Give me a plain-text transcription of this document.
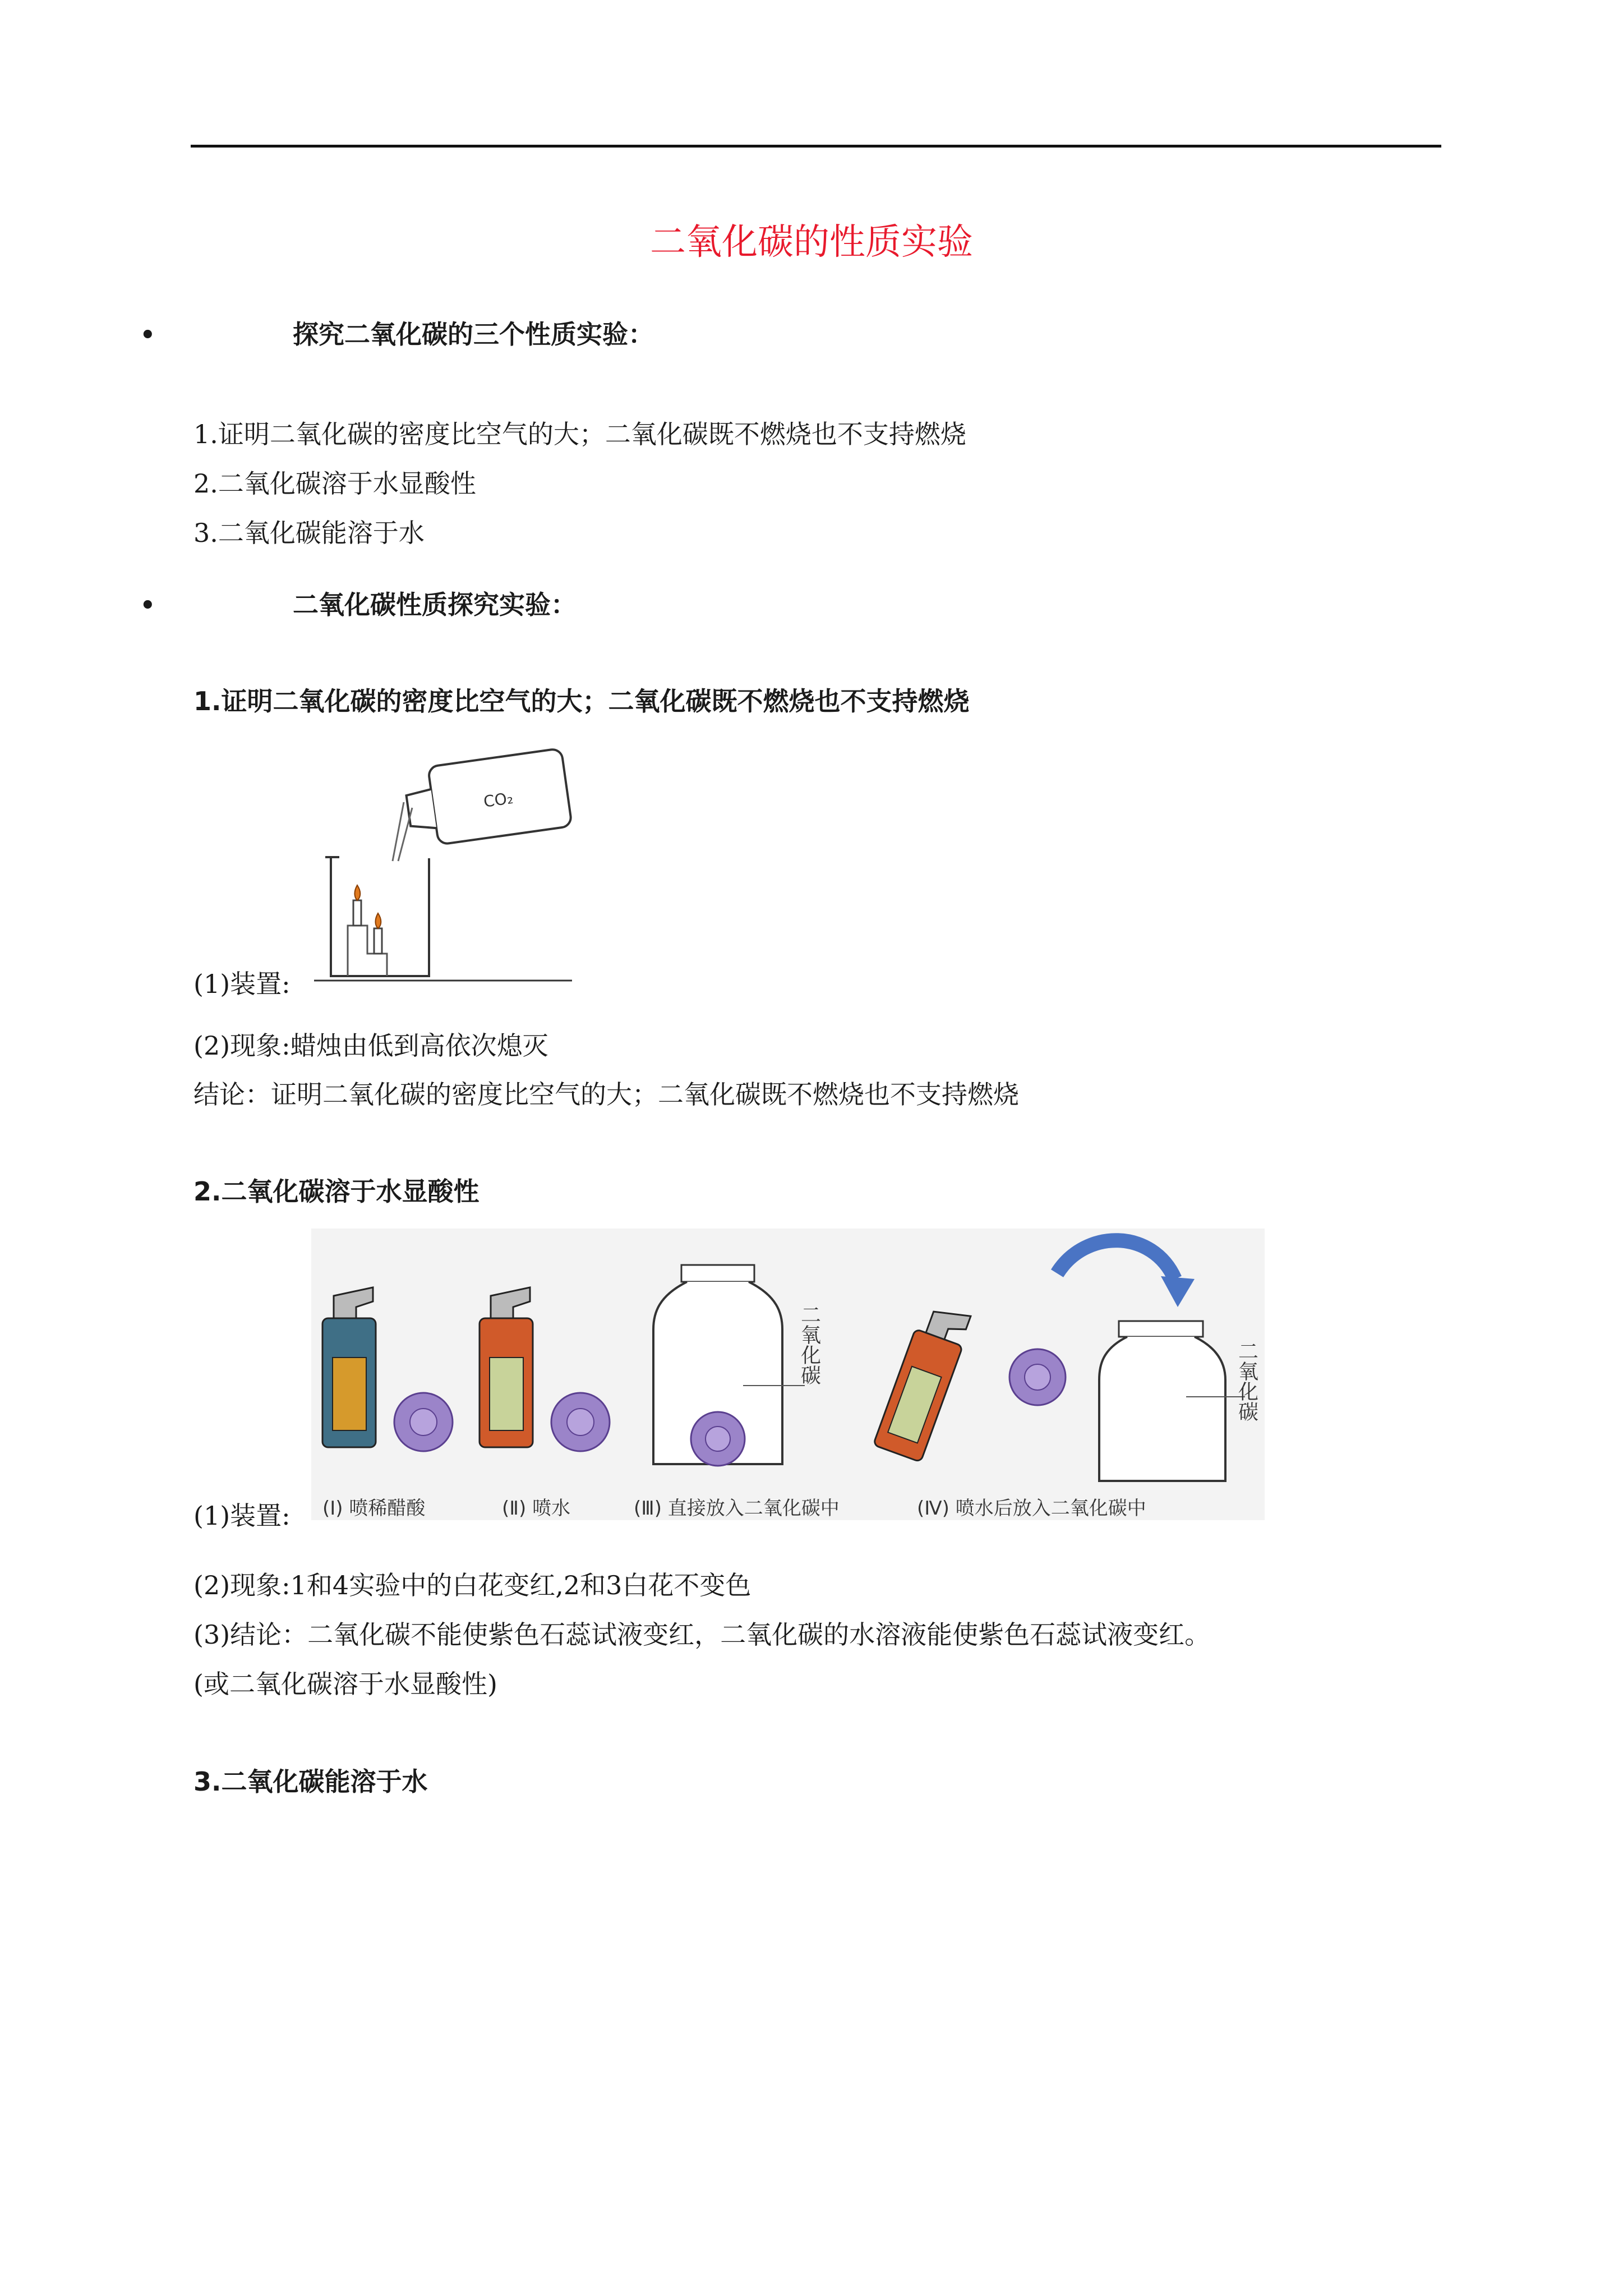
二氧化碳的性质实验
•	探究二氧化碳的三个性质实验：
1.证明二氧化碳的密度比空气的大；二氧化碳既不燃烧也不支持燃烧
2.二氧化碳溶于水显酸性
3.二氧化碳能溶于水
•	二氧化碳性质探究实验：
1.证明二氧化碳的密度比空气的大；二氧化碳既不燃烧也不支持燃烧
CO₂
(1)装置:
(2)现象:蜡烛由低到高依次熄灭
结论：证明二氧化碳的密度比空气的大；二氧化碳既不燃烧也不支持燃烧
2.二氧化碳溶于水显酸性
二氧化碳	二氧化碳
(Ⅰ) 喷稀醋酸	(Ⅱ) 喷水	(Ⅲ) 直接放入二氧化碳中	(Ⅳ) 喷水后放入二氧化碳中
(1)装置:
(2)现象:1和4实验中的白花变红,2和3白花不变色
(3)结论：二氧化碳不能使紫色石蕊试液变红，二氧化碳的水溶液能使紫色石蕊试液变红。
(或二氧化碳溶于水显酸性)
3.二氧化碳能溶于水
